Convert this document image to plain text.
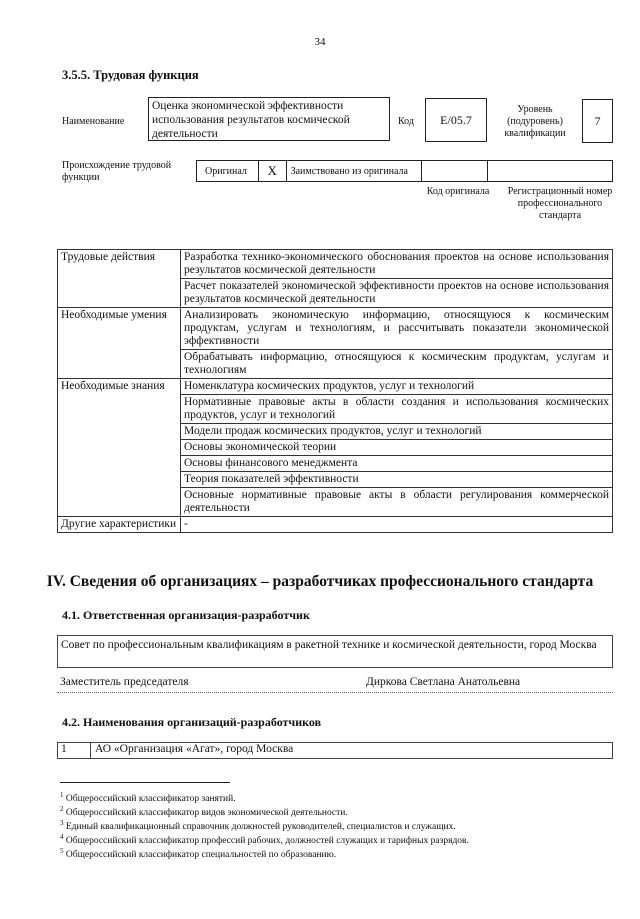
34
3.5.5. Трудовая функция
Наименование
Оценка экономической эффективности использования результатов космической деятельности
Код	E/05.7
Уровень (подуровень) квалификации
7
Происхождение трудовой функции
Оригинал	X	Заимствовано из оригинала
Код оригинала	Регистрационный номер профессионального стандарта
Трудовые действия	Разработка технико-экономического обоснования проектов на основе использования результатов космической деятельности
	Расчет показателей экономической эффективности проектов на основе использования результатов космической деятельности
Необходимые умения	Анализировать экономическую информацию, относящуюся к космическим продуктам, услугам и технологиям, и рассчитывать показатели экономической эффективности
	Обрабатывать информацию, относящуюся к космическим продуктам, услугам и технологиям
Необходимые знания	Номенклатура космических продуктов, услуг и технологий
	Нормативные правовые акты в области создания и использования космических продуктов, услуг и технологий
	Модели продаж космических продуктов, услуг и технологий
	Основы экономической теории
	Основы финансового менеджмента
	Теория показателей эффективности
	Основные нормативные правовые акты в области регулирования коммерческой деятельности
Другие характеристики	-
IV. Сведения об организациях – разработчиках профессионального стандарта
4.1. Ответственная организация-разработчик
Совет по профессиональным квалификациям в ракетной технике и космической деятельности, город Москва
Заместитель председателя	Диркова Светлана Анатольевна
4.2. Наименования организаций-разработчиков
1	АО «Организация «Агат», город Москва
$^1$ Общероссийский классификатор занятий.
$^2$ Общероссийский классификатор видов экономической деятельности.
$^3$ Единый квалификационный справочник должностей руководителей, специалистов и служащих.
$^4$ Общероссийский классификатор профессий рабочих, должностей служащих и тарифных разрядов.
$^5$ Общероссийский классификатор специальностей по образованию.
